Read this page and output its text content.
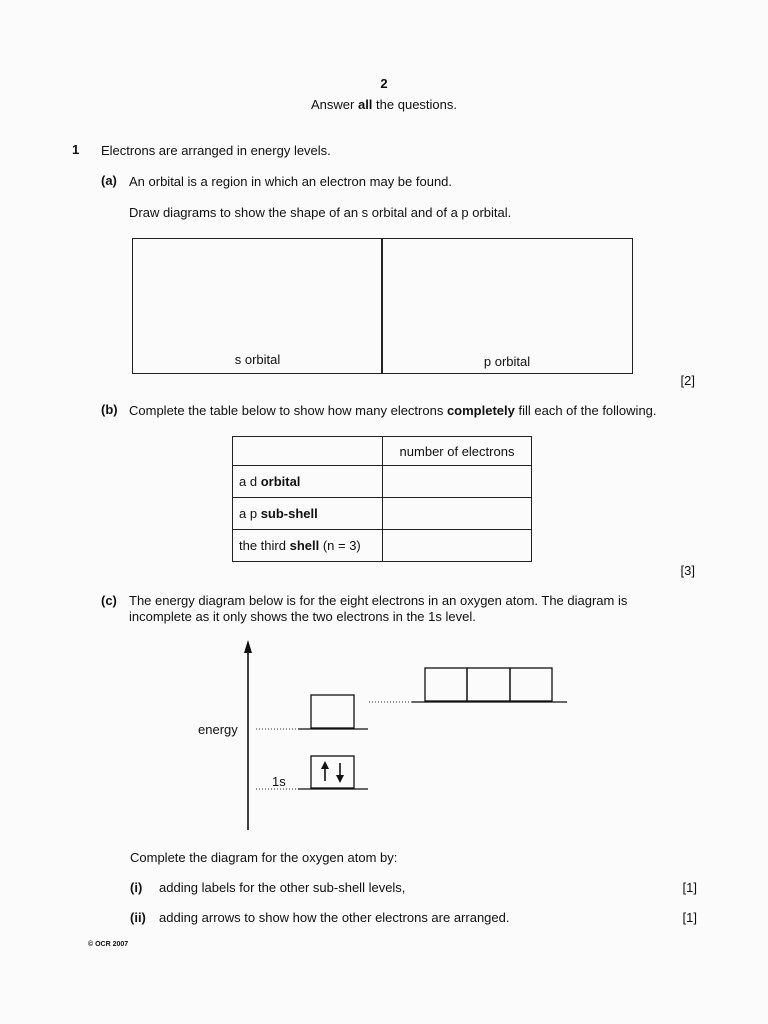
2
Answer all the questions.
1 Electrons are arranged in energy levels.
(a) An orbital is a region in which an electron may be found.
Draw diagrams to show the shape of an s orbital and of a p orbital.
s orbital	p orbital
[2]
(b) Complete the table below to show how many electrons completely fill each of the following.
	number of electrons
a d orbital	
a p sub-shell	
the third shell (n = 3)	
[3]
(c) The energy diagram below is for the eight electrons in an oxygen atom. The diagram is
incomplete as it only shows the two electrons in the 1s level.
energy
1s
Complete the diagram for the oxygen atom by:
(i) adding labels for the other sub-shell levels,	[1]
(ii) adding arrows to show how the other electrons are arranged.	[1]
© OCR 2007
